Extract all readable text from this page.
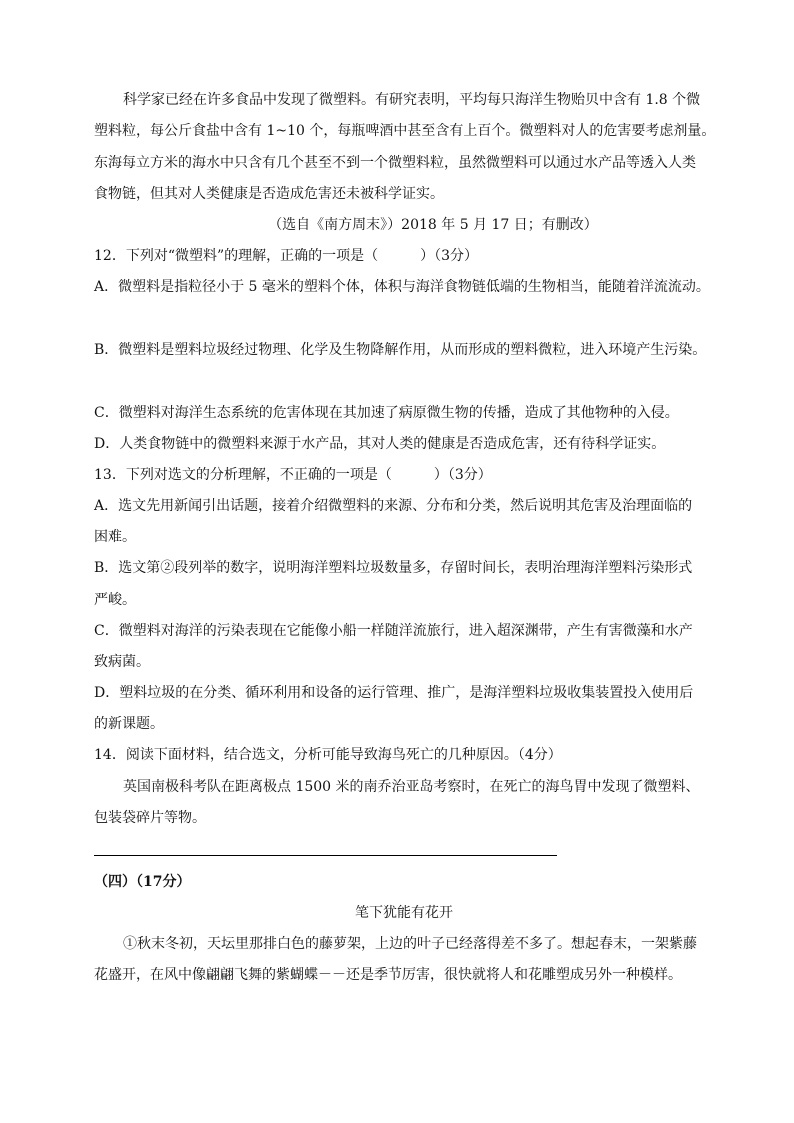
科学家已经在许多食品中发现了微塑料。有研究表明，平均每只海洋生物贻贝中含有 1.8 个微
塑料粒，每公斤食盐中含有 1~10 个，每瓶啤酒中甚至含有上百个。微塑料对人的危害要考虑剂量。
东海每立方米的海水中只含有几个甚至不到一个微塑料粒，虽然微塑料可以通过水产品等透入人类
食物链，但其对人类健康是否造成危害还未被科学证实。
（选自《南方周末》）2018 年 5 月 17 日；有删改）
12．下列对“微塑料”的理解，正确的一项是（　　　）（3分）
A．微塑料是指粒径小于 5 毫米的塑料个体，体积与海洋食物链低端的生物相当，能随着洋流流动。
B．微塑料是塑料垃圾经过物理、化学及生物降解作用，从而形成的塑料微粒，进入环境产生污染。
C．微塑料对海洋生态系统的危害体现在其加速了病原微生物的传播，造成了其他物种的入侵。
D．人类食物链中的微塑料来源于水产品，其对人类的健康是否造成危害，还有待科学证实。
13．下列对选文的分析理解，不正确的一项是（　　　）（3分）
A．选文先用新闻引出话题，接着介绍微塑料的来源、分布和分类，然后说明其危害及治理面临的
困难。
B．选文第②段列举的数字，说明海洋塑料垃圾数量多，存留时间长，表明治理海洋塑料污染形式
严峻。
C．微塑料对海洋的污染表现在它能像小船一样随洋流旅行，进入超深渊带，产生有害微藻和水产
致病菌。
D．塑料垃圾的在分类、循环利用和设备的运行管理、推广，是海洋塑料垃圾收集装置投入使用后
的新课题。
14．阅读下面材料，结合选文，分析可能导致海鸟死亡的几种原因。（4分）
英国南极科考队在距离极点 1500 米的南乔治亚岛考察时，在死亡的海鸟胃中发现了微塑料、
包装袋碎片等物。
（四）（17分）
笔下犹能有花开
①秋末冬初，天坛里那排白色的藤萝架，上边的叶子已经落得差不多了。想起春末，一架紫藤
花盛开，在风中像翩翩飞舞的紫蝴蝶－－还是季节厉害，很快就将人和花雕塑成另外一种模样。
